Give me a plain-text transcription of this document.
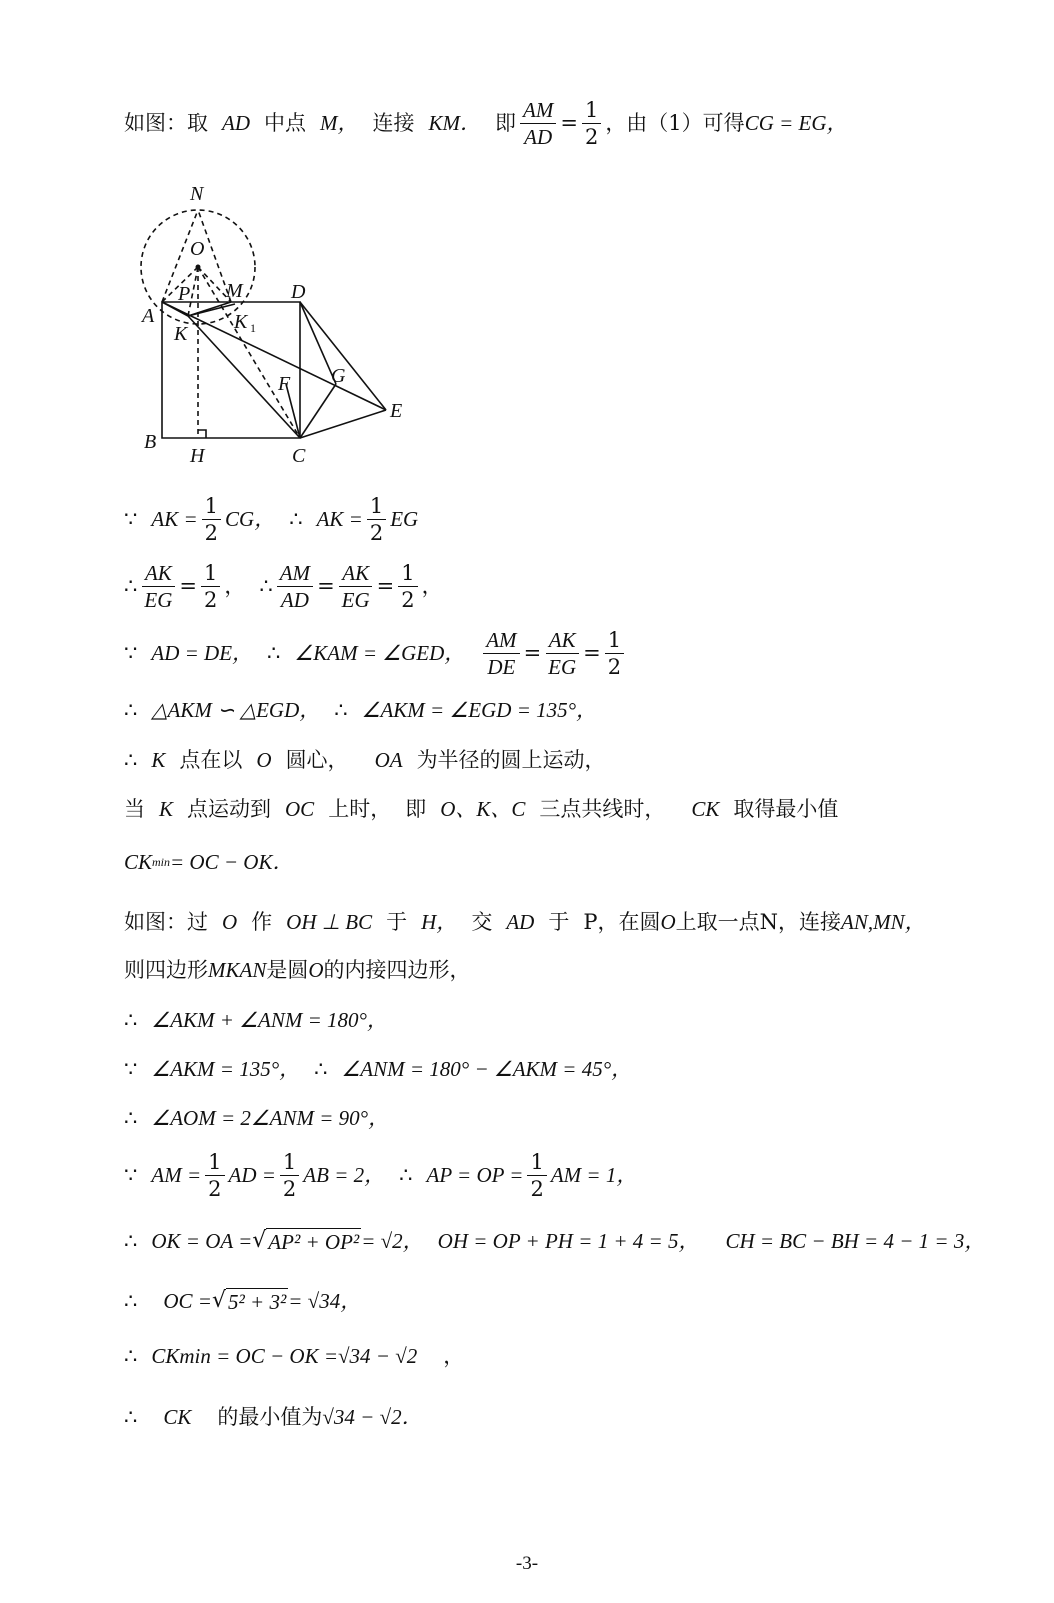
如图：取 AD 中点 M， 连接 KM． 即 $\frac{AM}{AD} = \frac{1}{2}$ ，由（1）可得 CG = EG，
N
O
P M D
A
K
K 1
F G
E
B
H	C
∵ AK = $\frac{1}{2}$ CG， ∴ AK = $\frac{1}{2}$ EG
∴ $\frac{AK}{EG} = \frac{1}{2}$ ， ∴ $\frac{AM}{AD} = \frac{AK}{EG} = \frac{1}{2}$ ，
∵ AD = DE， ∴ ∠KAM = ∠GED， $\frac{AM}{DE} = \frac{AK}{EG} = \frac{1}{2}$
∴ △AKM ∽ △EGD， ∴ ∠AKM = ∠EGD = 135°，
∴ K 点在以 O 圆心， OA 为半径的圆上运动，
当 K 点运动到 OC 上时， 即 O、K、C 三点共线时， CK 取得最小值
CK min = OC − OK．
如图：过 O 作 OH ⊥ BC 于 H， 交 AD 于 P，在圆 O 上取一点 N，连接 AN,MN，
则四边形 MKAN 是圆 O 的内接四边形，
∴ ∠AKM + ∠ANM = 180°，
∵ ∠AKM = 135°， ∴ ∠ANM = 180° − ∠AKM = 45°，
∴ ∠AOM = 2∠ANM = 90°，
∵ AM = $\frac{1}{2}$ AD = $\frac{1}{2}$ AB = 2， ∴ AP = OP = $\frac{1}{2}$ AM = 1，
∴ OK = OA = √ AP² + OP² = √2， OH = OP + PH = 1 + 4 = 5， CH = BC − BH = 4 − 1 = 3，
∴ OC = √ 5² + 3² = √34，
∴ CKmin = OC − OK = √34 − √2 ，
∴ CK 的最小值为 √34 − √2．
-3-
